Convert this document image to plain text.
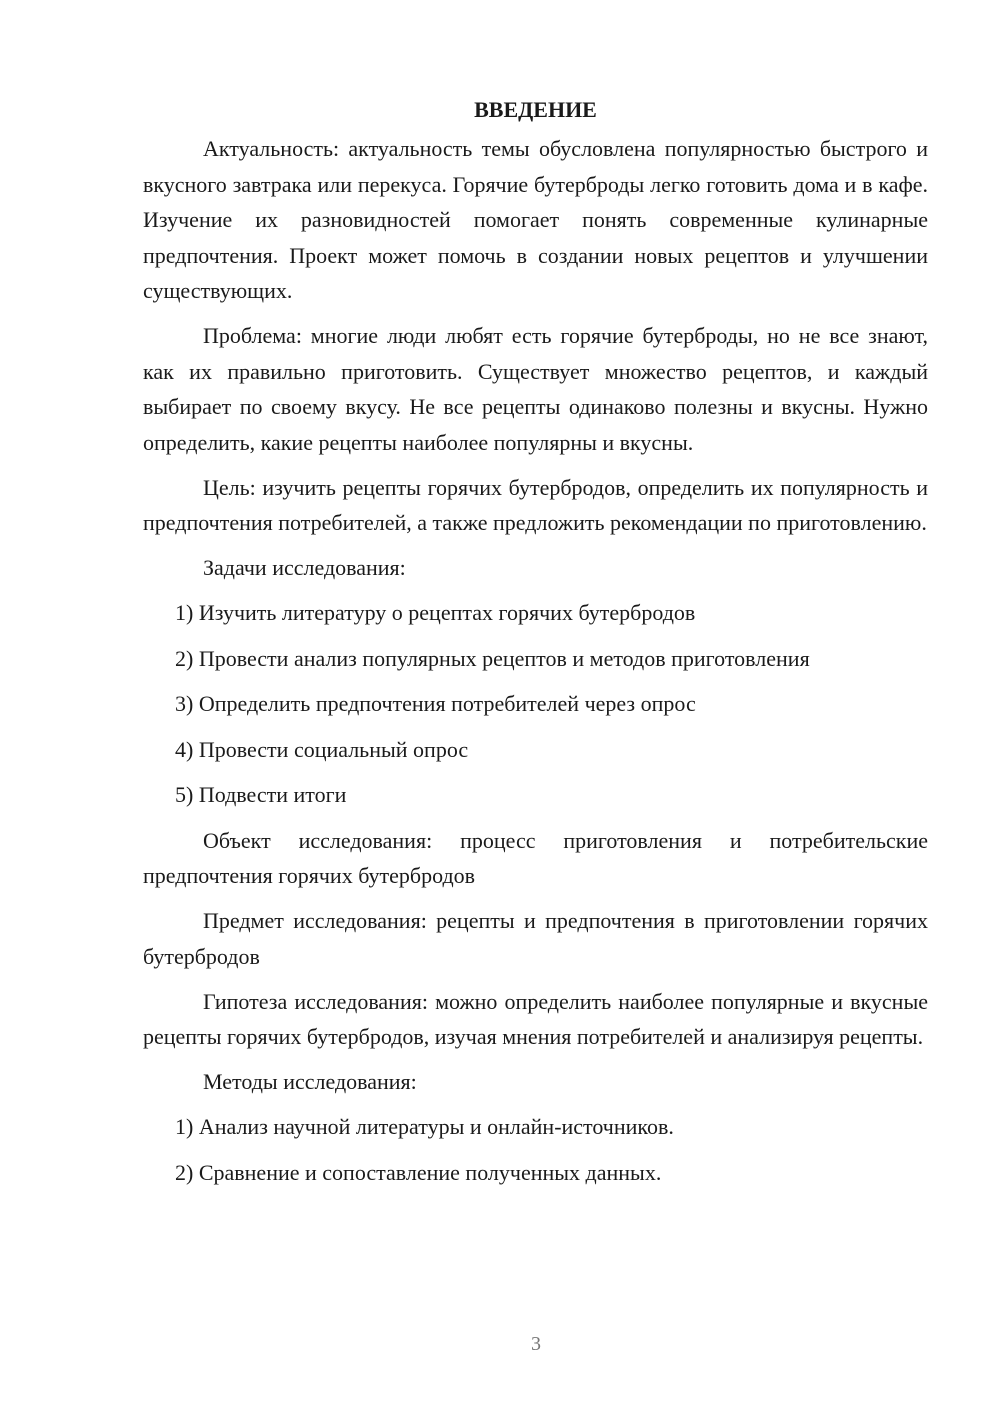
ВВЕДЕНИЕ

Актуальность: актуальность темы обусловлена популярностью быстрого и вкусного завтрака или перекуса. Горячие бутерброды легко готовить дома и в кафе. Изучение их разновидностей помогает понять современные кулинарные предпочтения. Проект может помочь в создании новых рецептов и улучшении существующих.

Проблема: многие люди любят есть горячие бутерброды, но не все знают, как их правильно приготовить. Существует множество рецептов, и каждый выбирает по своему вкусу. Не все рецепты одинаково полезны и вкусны. Нужно определить, какие рецепты наиболее популярны и вкусны.

Цель: изучить рецепты горячих бутербродов, определить их популярность и предпочтения потребителей, а также предложить рекомендации по приготовлению.

Задачи исследования:

1) Изучить литературу о рецептах горячих бутербродов
2) Провести анализ популярных рецептов и методов приготовления
3) Определить предпочтения потребителей через опрос
4) Провести социальный опрос
5) Подвести итоги

Объект исследования: процесс приготовления и потребительские предпочтения горячих бутербродов

Предмет исследования: рецепты и предпочтения в приготовлении горячих бутербродов

Гипотеза исследования: можно определить наиболее популярные и вкусные рецепты горячих бутербродов, изучая мнения потребителей и анализируя рецепты.

Методы исследования:

1) Анализ научной литературы и онлайн-источников.
2) Сравнение и сопоставление полученных данных.
3
